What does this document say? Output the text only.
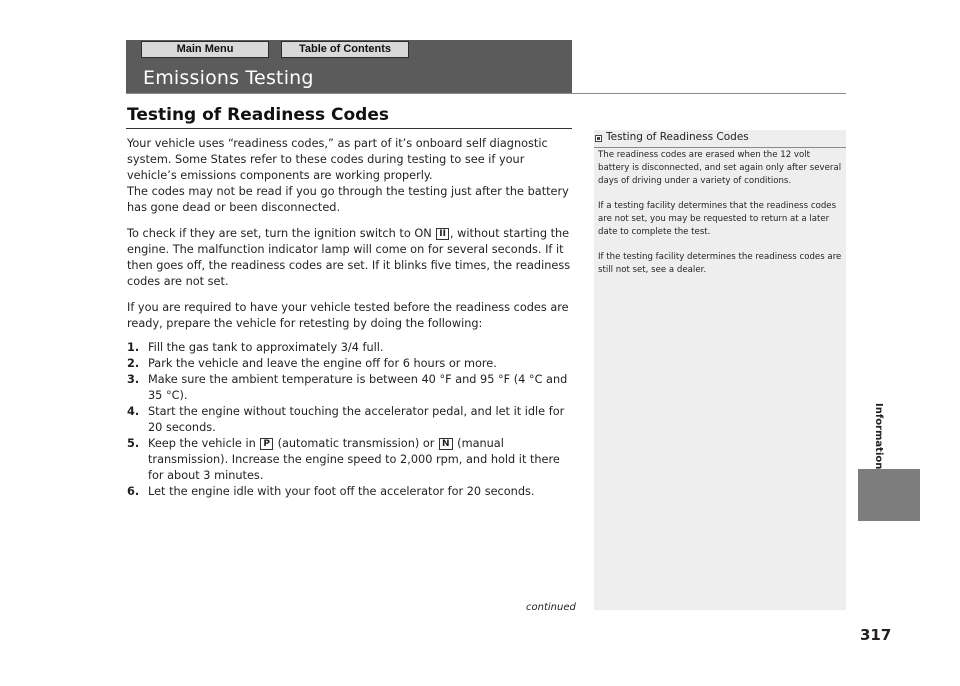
Main Menu	Table of Contents
Emissions Testing
Testing of Readiness Codes

Your vehicle uses “readiness codes,” as part of it’s onboard self diagnostic system. Some States refer to these codes during testing to see if your vehicle’s emissions components are working properly.

The codes may not be read if you go through the testing just after the battery has gone dead or been disconnected.

To check if they are set, turn the ignition switch to ON II , without starting the engine. The malfunction indicator lamp will come on for several seconds. If it then goes off, the readiness codes are set. If it blinks five times, the readiness codes are not set.

If you are required to have your vehicle tested before the readiness codes are ready, prepare the vehicle for retesting by doing the following:

1. Fill the gas tank to approximately 3/4 full.
2. Park the vehicle and leave the engine off for 6 hours or more.
3. Make sure the ambient temperature is between 40 °F and 95 °F (4 °C and 35 °C).
4. Start the engine without touching the accelerator pedal, and let it idle for 20 seconds.
5. Keep the vehicle in P (automatic transmission) or N (manual transmission). Increase the engine speed to 2,000 rpm, and hold it there for about 3 minutes.
6. Let the engine idle with your foot off the accelerator for 20 seconds.
Testing of Readiness Codes

The readiness codes are erased when the 12 volt battery is disconnected, and set again only after several days of driving under a variety of conditions.

If a testing facility determines that the readiness codes are not set, you may be requested to return at a later date to complete the test.

If the testing facility determines the readiness codes are still not set, see a dealer.

continued
Information
317
